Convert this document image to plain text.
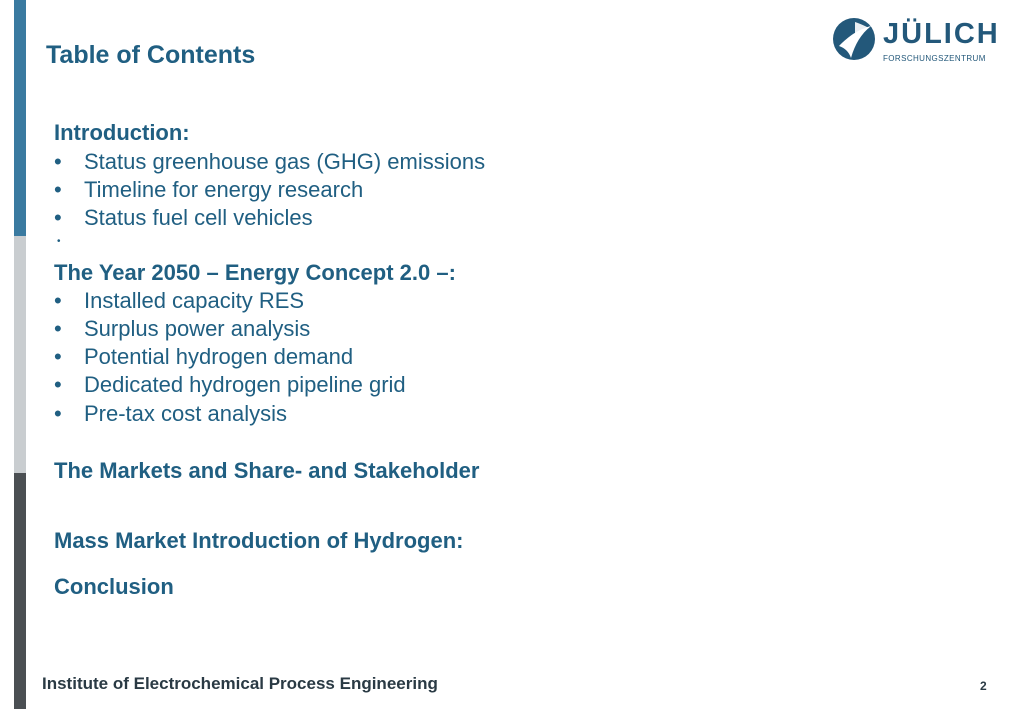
Table of Contents
JÜLICH
FORSCHUNGSZENTRUM
Introduction:
• Status greenhouse gas (GHG) emissions
• Timeline for energy research
• Status fuel cell vehicles
•
The Year 2050 – Energy Concept 2.0 –:
• Installed capacity RES
• Surplus power analysis
• Potential hydrogen demand
• Dedicated hydrogen pipeline grid
• Pre-tax cost analysis
The Markets and Share- and Stakeholder
Mass Market Introduction of Hydrogen:
Conclusion
Institute of Electrochemical Process Engineering	2
